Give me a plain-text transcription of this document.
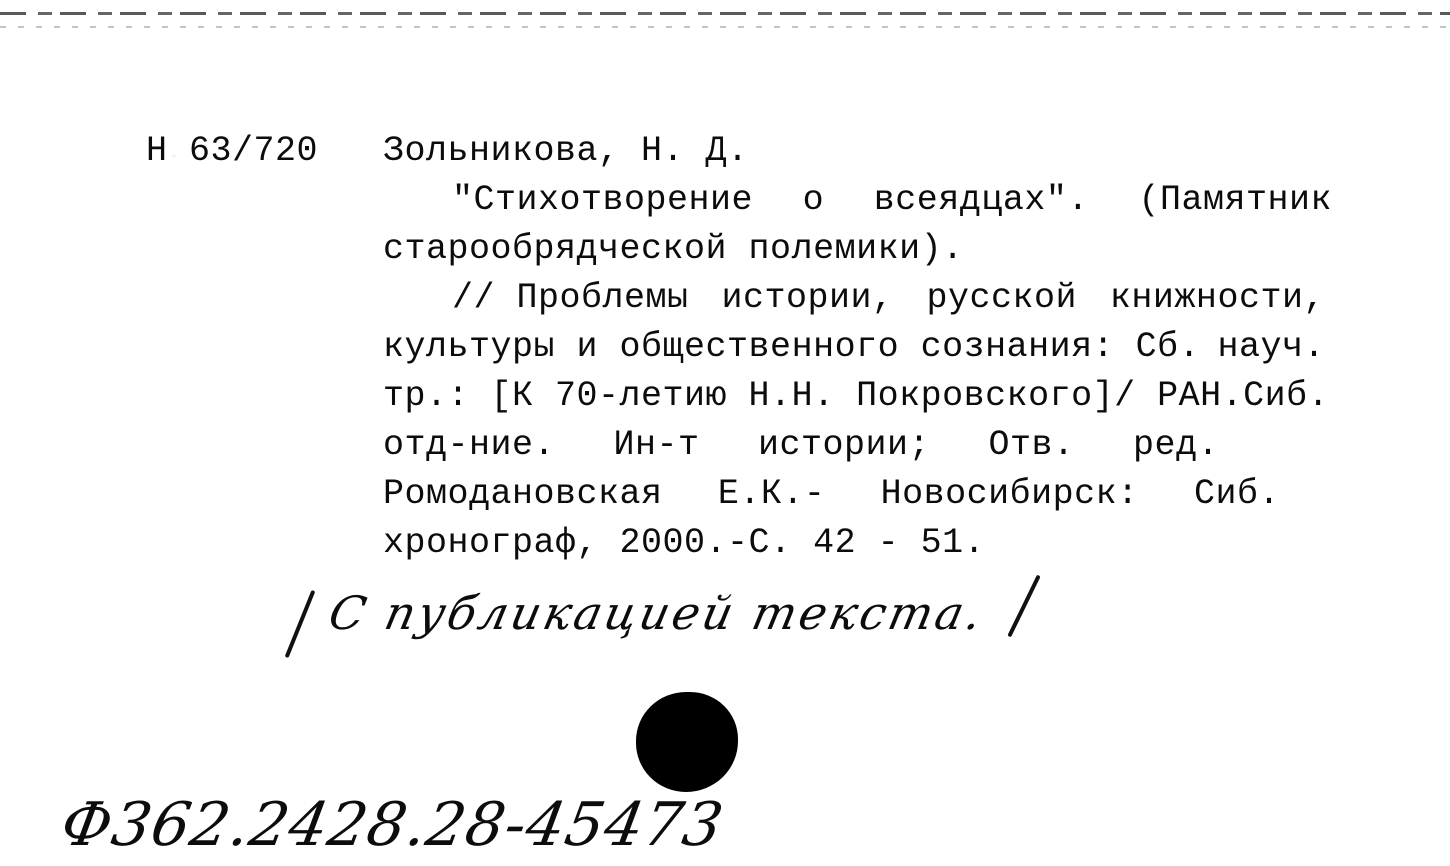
Н 63/720 Зольникова, Н. Д.
"Стихотворение о всеядцах". (Памятник
старообрядческой полемики).
// Проблемы истории, русской книжности,
культуры и общественного сознания: Сб. науч.
тр.: [К 70-летию Н.Н. Покровского]/ РАН. Сиб.
отд-ние. Ин-т истории; Отв. ред.
Ромодановская Е.К.- Новосибирск: Сиб.
хронограф, 2000.-С. 42 - 51.
С публикацией текста.
Ф362.2428.28-45473
